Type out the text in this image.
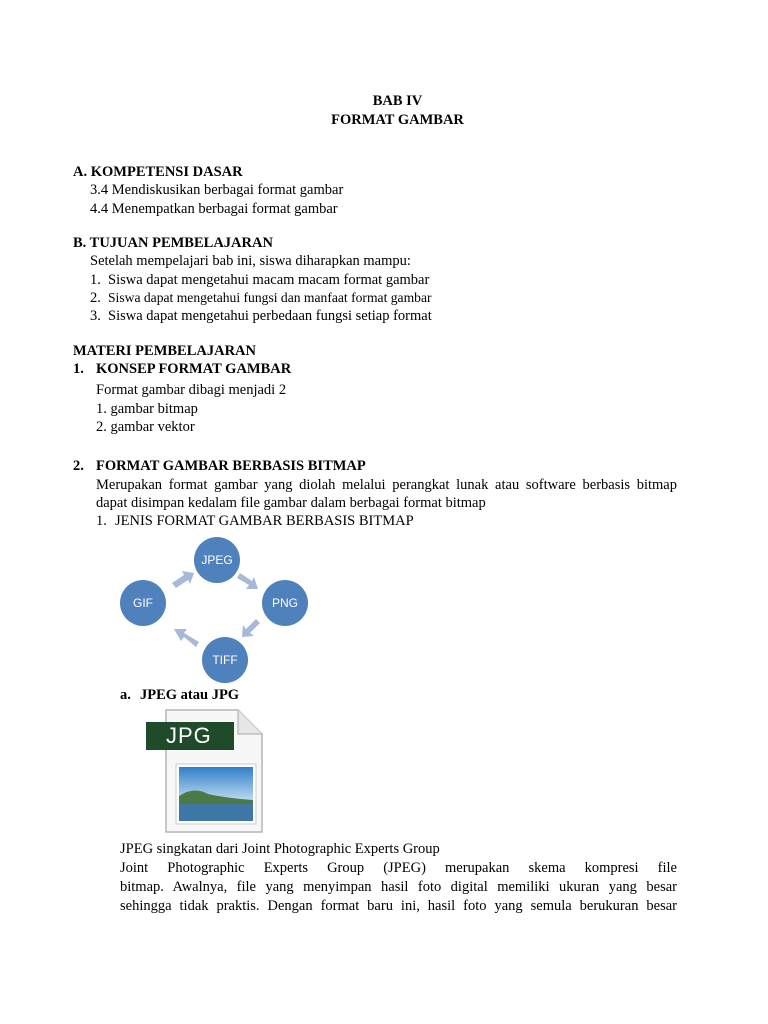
BAB IV
FORMAT GAMBAR
A. KOMPETENSI DASAR
3.4 Mendiskusikan berbagai format gambar
4.4 Menempatkan berbagai format gambar
B. TUJUAN PEMBELAJARAN
Setelah mempelajari bab ini, siswa diharapkan mampu:
1. Siswa dapat mengetahui macam macam format gambar
2. Siswa dapat mengetahui fungsi dan manfaat format gambar
3. Siswa dapat mengetahui perbedaan fungsi setiap format
MATERI PEMBELAJARAN
1. KONSEP FORMAT GAMBAR
Format gambar dibagi menjadi 2
1. gambar bitmap
2. gambar vektor
2. FORMAT GAMBAR BERBASIS BITMAP
Merupakan format gambar yang diolah melalui perangkat lunak atau software berbasis bitmap
dapat disimpan kedalam file gambar dalam berbagai format bitmap
1. JENIS FORMAT GAMBAR BERBASIS BITMAP
JPEG
PNG
TIFF
GIF
a. JPEG atau JPG
JPG
JPEG singkatan dari Joint Photographic Experts Group
Joint Photographic Experts Group (JPEG) merupakan skema kompresi file
bitmap. Awalnya, file yang menyimpan hasil foto digital memiliki ukuran yang besar
sehingga tidak praktis. Dengan format baru ini, hasil foto yang semula berukuran besar
